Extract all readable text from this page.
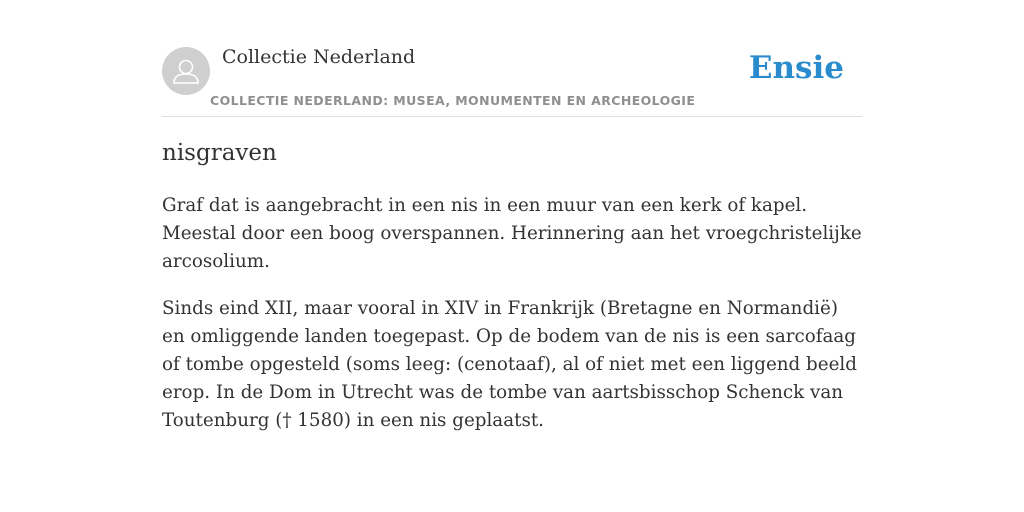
Collectie Nederland
COLLECTIE NEDERLAND: MUSEA, MONUMENTEN EN ARCHEOLOGIE
Ensie
nisgraven

Graf dat is aangebracht in een nis in een muur van een kerk of kapel. Meestal door een boog overspannen. Herinnering aan het vroegchristelijke arcosolium.

Sinds eind XII, maar vooral in XIV in Frankrijk (Bretagne en Normandië) en omliggende landen toegepast. Op de bodem van de nis is een sarcofaag of tombe opgesteld (soms leeg: (cenotaaf), al of niet met een liggend beeld erop. In de Dom in Utrecht was de tombe van aartsbisschop Schenck van Toutenburg († 1580) in een nis geplaatst.
